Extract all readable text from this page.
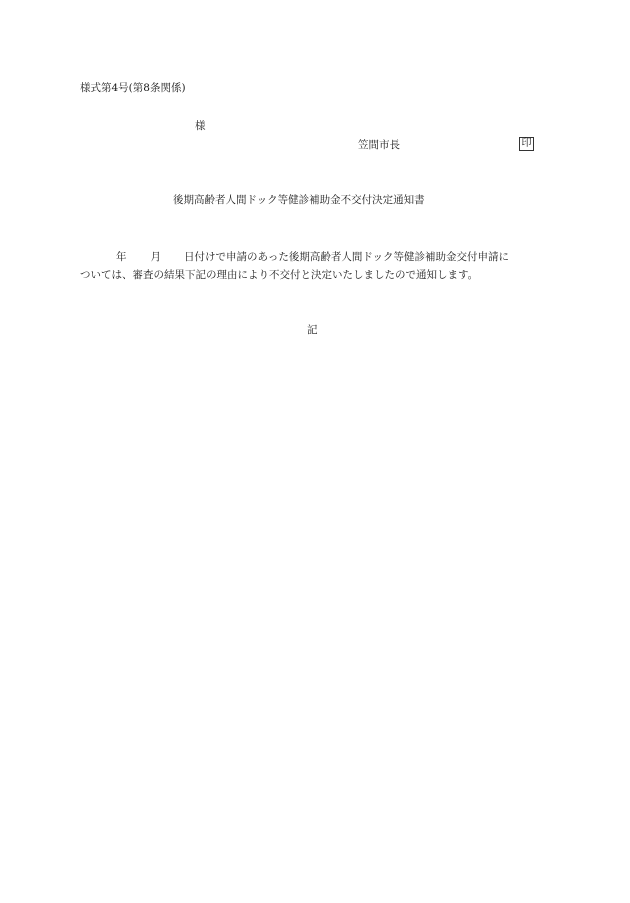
様式第4号(第8条関係)
様
笠間市長	印
後期高齢者人間ドック等健診補助金不交付決定通知書
年 月 日付けで申請のあった後期高齢者人間ドック等健診補助金交付申請に
ついては、審査の結果下記の理由により不交付と決定いたしましたので通知します。
記
